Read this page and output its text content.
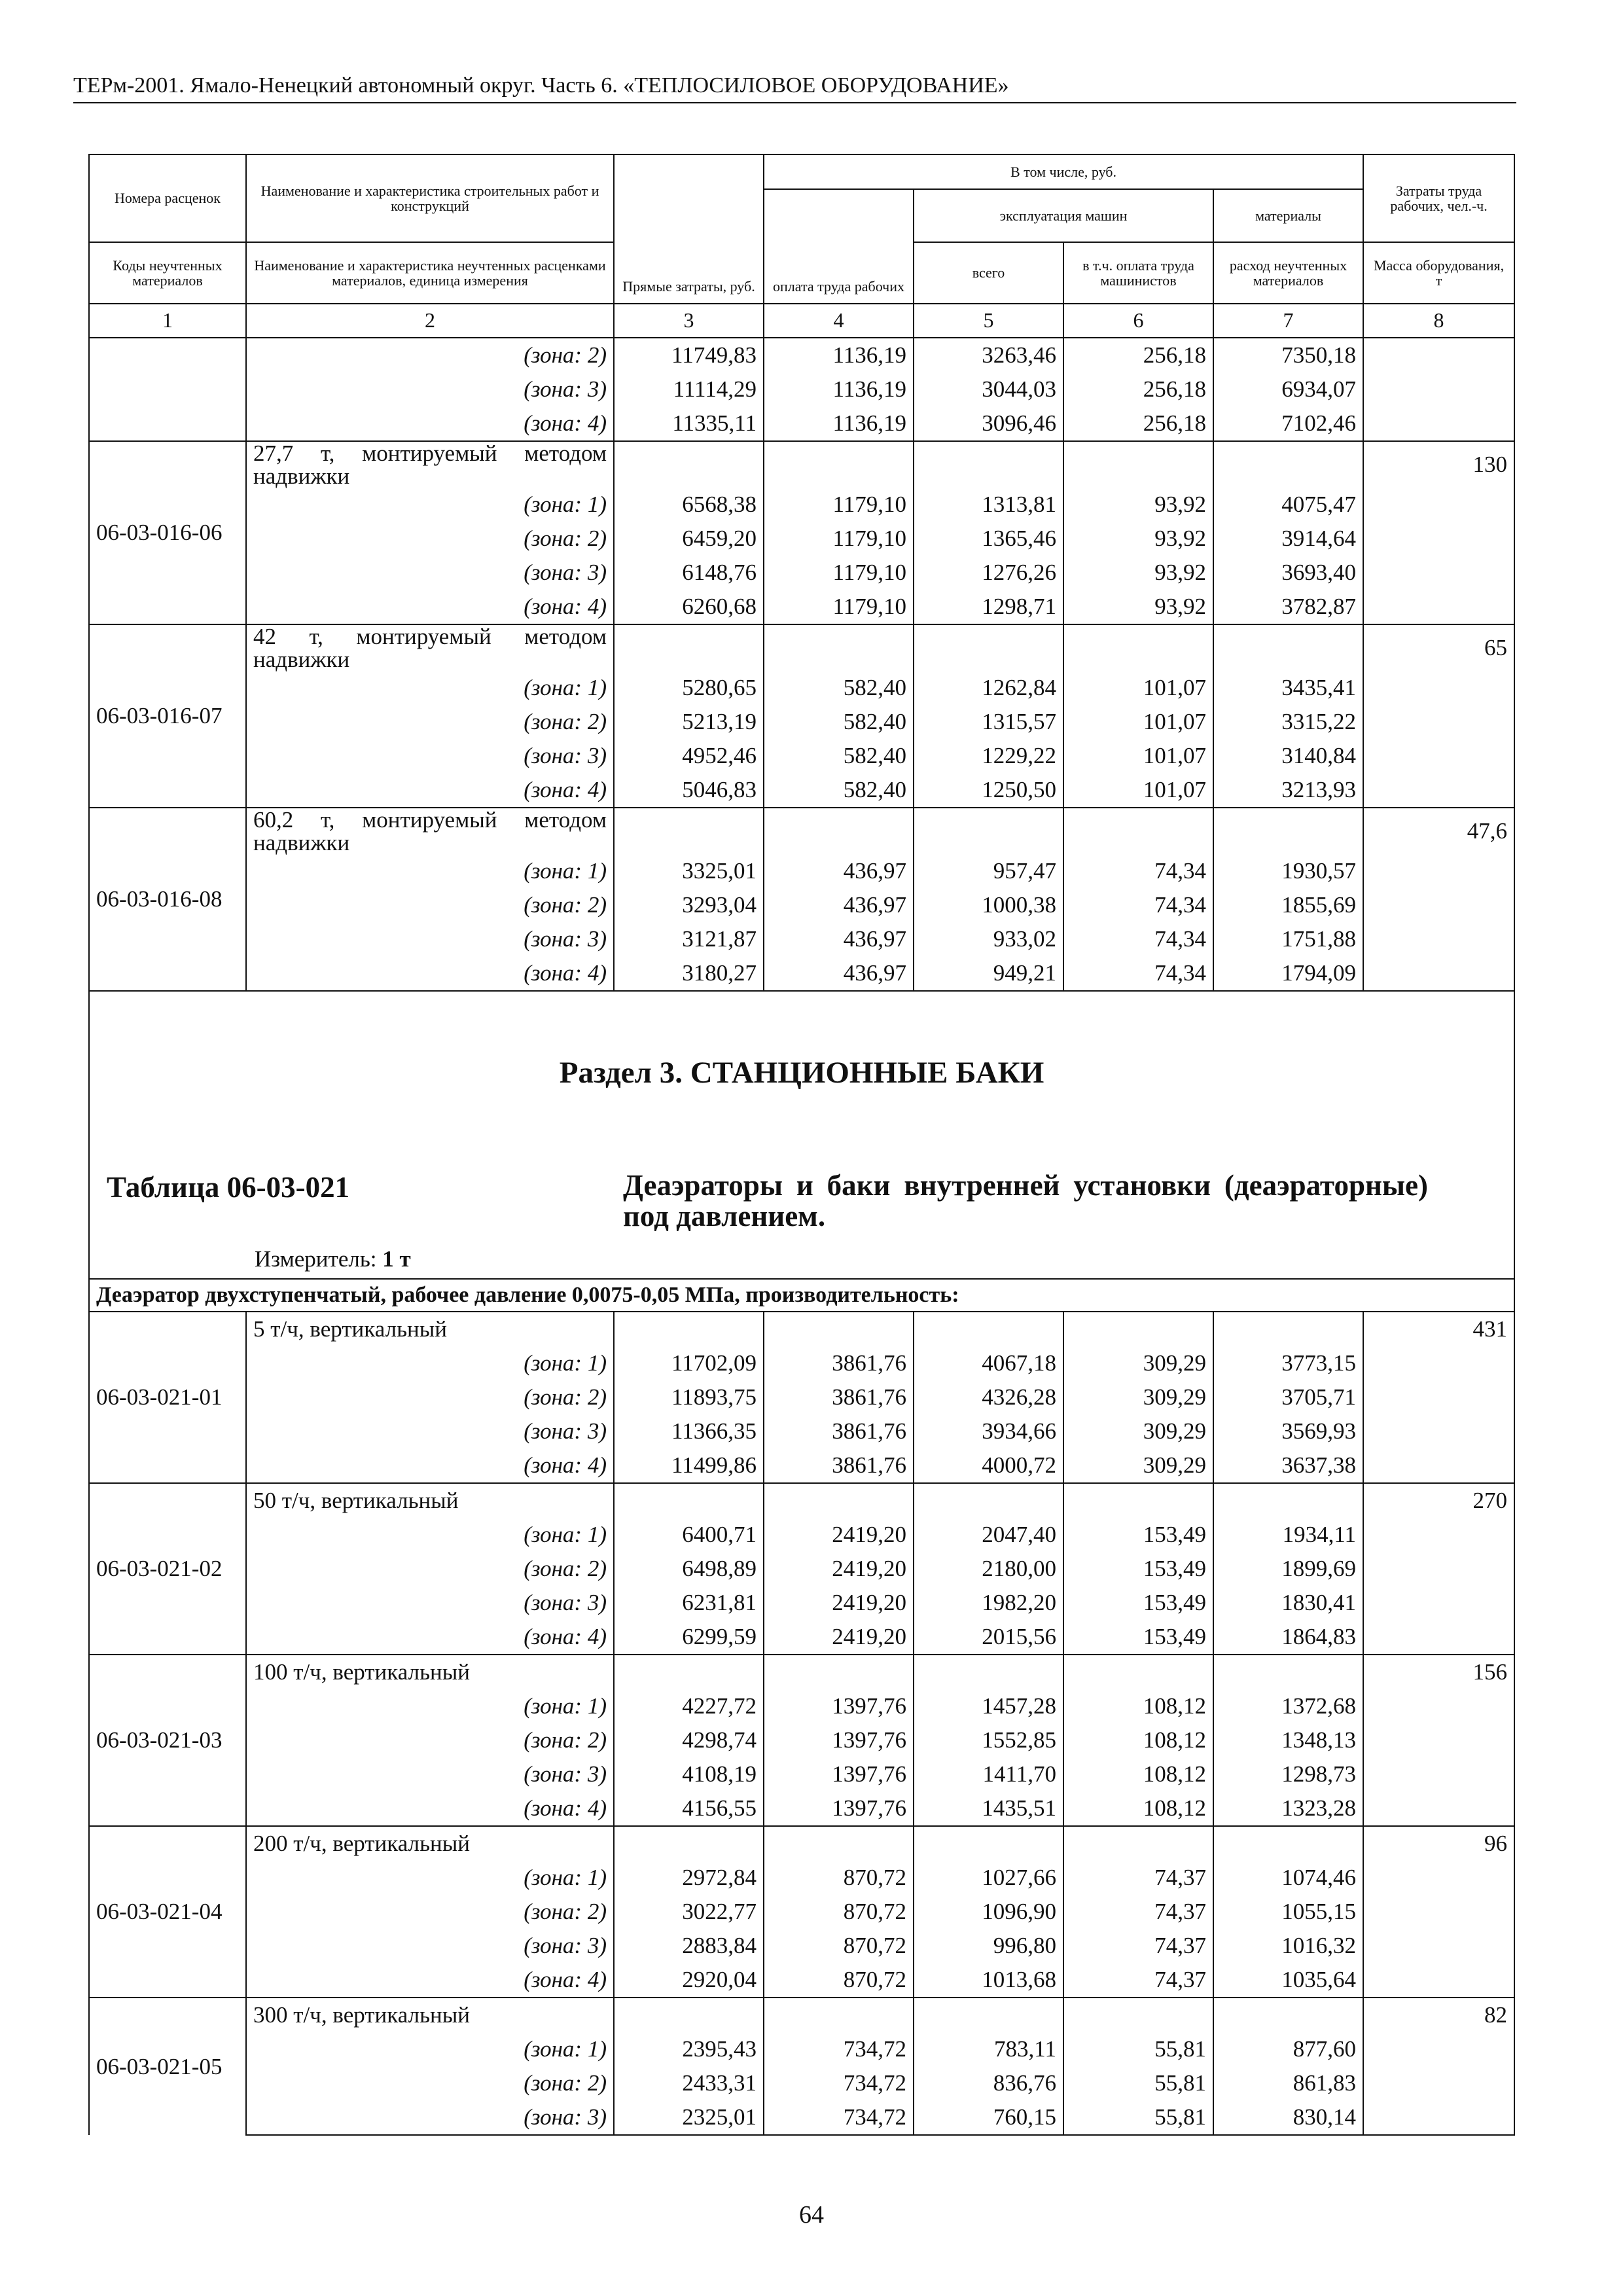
ТЕРм-2001. Ямало-Ненецкий автономный округ. Часть 6. «ТЕПЛОСИЛОВОЕ ОБОРУДОВАНИЕ»
Номера расценок	Наименование и характеристика строительных работ и конструкций	Прямые затраты, руб.	В том числе, руб.				Затраты труда рабочих, чел.-ч.
			оплата труда рабочих	эксплуатация машин		материалы	
Коды неучтенных материалов	Наименование и характеристика неучтенных расценками материалов, единица измерения			всего	в т.ч. оплата труда машинистов	расход неучтенных материалов	Масса оборудования, т
1	2	3	4	5	6	7	8
	(зона: 2)	11749,83	1136,19	3263,46	256,18	7350,18	
	(зона: 3)	11114,29	1136,19	3044,03	256,18	6934,07	
	(зона: 4)	11335,11	1136,19	3096,46	256,18	7102,46	
06-03-016-06	27,7 т, монтируемый методом надвижки						130
	(зона: 1)	6568,38	1179,10	1313,81	93,92	4075,47	
	(зона: 2)	6459,20	1179,10	1365,46	93,92	3914,64	
	(зона: 3)	6148,76	1179,10	1276,26	93,92	3693,40	
	(зона: 4)	6260,68	1179,10	1298,71	93,92	3782,87	
06-03-016-07	42 т, монтируемый методом надвижки						65
	(зона: 1)	5280,65	582,40	1262,84	101,07	3435,41	
	(зона: 2)	5213,19	582,40	1315,57	101,07	3315,22	
	(зона: 3)	4952,46	582,40	1229,22	101,07	3140,84	
	(зона: 4)	5046,83	582,40	1250,50	101,07	3213,93	
06-03-016-08	60,2 т, монтируемый методом надвижки						47,6
	(зона: 1)	3325,01	436,97	957,47	74,34	1930,57	
	(зона: 2)	3293,04	436,97	1000,38	74,34	1855,69	
	(зона: 3)	3121,87	436,97	933,02	74,34	1751,88	
	(зона: 4)	3180,27	436,97	949,21	74,34	1794,09	

Раздел 3. СТАНЦИОННЫЕ БАКИ
Таблица 06-03-021 Деаэраторы и баки внутренней установки (деаэраторные) под давлением.
Измеритель: 1 т							

Деаэратор двухступенчатый, рабочее давление 0,0075-0,05 МПа, производительность:							
06-03-021-01	5 т/ч, вертикальный						431
	(зона: 1)	11702,09	3861,76	4067,18	309,29	3773,15	
	(зона: 2)	11893,75	3861,76	4326,28	309,29	3705,71	
	(зона: 3)	11366,35	3861,76	3934,66	309,29	3569,93	
	(зона: 4)	11499,86	3861,76	4000,72	309,29	3637,38	
06-03-021-02	50 т/ч, вертикальный						270
	(зона: 1)	6400,71	2419,20	2047,40	153,49	1934,11	
	(зона: 2)	6498,89	2419,20	2180,00	153,49	1899,69	
	(зона: 3)	6231,81	2419,20	1982,20	153,49	1830,41	
	(зона: 4)	6299,59	2419,20	2015,56	153,49	1864,83	
06-03-021-03	100 т/ч, вертикальный						156
	(зона: 1)	4227,72	1397,76	1457,28	108,12	1372,68	
	(зона: 2)	4298,74	1397,76	1552,85	108,12	1348,13	
	(зона: 3)	4108,19	1397,76	1411,70	108,12	1298,73	
	(зона: 4)	4156,55	1397,76	1435,51	108,12	1323,28	
06-03-021-04	200 т/ч, вертикальный						96
	(зона: 1)	2972,84	870,72	1027,66	74,37	1074,46	
	(зона: 2)	3022,77	870,72	1096,90	74,37	1055,15	
	(зона: 3)	2883,84	870,72	996,80	74,37	1016,32	
	(зона: 4)	2920,04	870,72	1013,68	74,37	1035,64	
06-03-021-05	300 т/ч, вертикальный						82
	(зона: 1)	2395,43	734,72	783,11	55,81	877,60	
	(зона: 2)	2433,31	734,72	836,76	55,81	861,83	
	(зона: 3)	2325,01	734,72	760,15	55,81	830,14	
64
